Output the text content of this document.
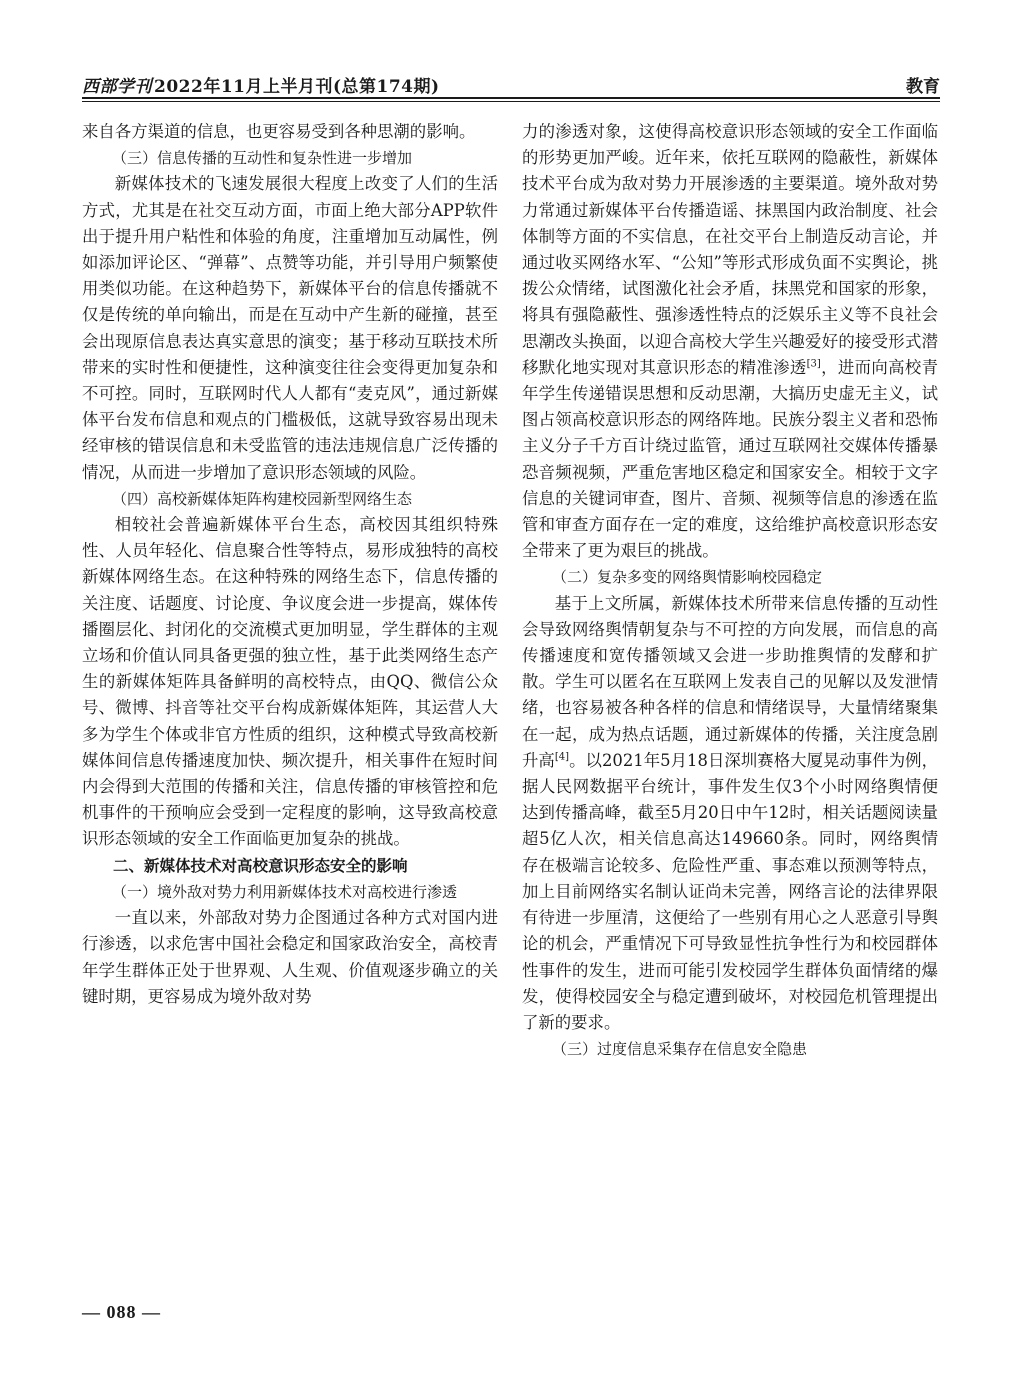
西部学刊 2022年11月上半月刊(总第174期)	教育

来自各方渠道的信息，也更容易受到各种思潮的影响。

（三）信息传播的互动性和复杂性进一步增加

新媒体技术的飞速发展很大程度上改变了人们的生活方式，尤其是在社交互动方面，市面上绝大部分APP软件出于提升用户粘性和体验的角度，注重增加互动属性，例如添加评论区、“弹幕”、点赞等功能，并引导用户频繁使用类似功能。在这种趋势下，新媒体平台的信息传播就不仅是传统的单向输出，而是在互动中产生新的碰撞，甚至会出现原信息表达真实意思的演变；基于移动互联技术所带来的实时性和便捷性，这种演变往往会变得更加复杂和不可控。同时，互联网时代人人都有“麦克风”，通过新媒体平台发布信息和观点的门槛极低，这就导致容易出现未经审核的错误信息和未受监管的违法违规信息广泛传播的情况，从而进一步增加了意识形态领域的风险。

（四）高校新媒体矩阵构建校园新型网络生态

相较社会普遍新媒体平台生态，高校因其组织特殊性、人员年轻化、信息聚合性等特点，易形成独特的高校新媒体网络生态。在这种特殊的网络生态下，信息传播的关注度、话题度、讨论度、争议度会进一步提高，媒体传播圈层化、封闭化的交流模式更加明显，学生群体的主观立场和价值认同具备更强的独立性，基于此类网络生态产生的新媒体矩阵具备鲜明的高校特点，由QQ、微信公众号、微博、抖音等社交平台构成新媒体矩阵，其运营人大多为学生个体或非官方性质的组织，这种模式导致高校新媒体间信息传播速度加快、频次提升，相关事件在短时间内会得到大范围的传播和关注，信息传播的审核管控和危机事件的干预响应会受到一定程度的影响，这导致高校意识形态领域的安全工作面临更加复杂的挑战。

二、新媒体技术对高校意识形态安全的影响

（一）境外敌对势力利用新媒体技术对高校进行渗透

一直以来，外部敌对势力企图通过各种方式对国内进行渗透，以求危害中国社会稳定和国家政治安全，高校青年学生群体正处于世界观、人生观、价值观逐步确立的关键时期，更容易成为境外敌对势

力的渗透对象，这使得高校意识形态领域的安全工作面临的形势更加严峻。近年来，依托互联网的隐蔽性，新媒体技术平台成为敌对势力开展渗透的主要渠道。境外敌对势力常通过新媒体平台传播造谣、抹黑国内政治制度、社会体制等方面的不实信息，在社交平台上制造反动言论，并通过收买网络水军、“公知”等形式形成负面不实舆论，挑拨公众情绪，试图激化社会矛盾，抹黑党和国家的形象，将具有强隐蔽性、强渗透性特点的泛娱乐主义等不良社会思潮改头换面，以迎合高校大学生兴趣爱好的接受形式潜移默化地实现对其意识形态的精准渗透[3]，进而向高校青年学生传递错误思想和反动思潮，大搞历史虚无主义，试图占领高校意识形态的网络阵地。民族分裂主义者和恐怖主义分子千方百计绕过监管，通过互联网社交媒体传播暴恐音频视频，严重危害地区稳定和国家安全。相较于文字信息的关键词审查，图片、音频、视频等信息的渗透在监管和审查方面存在一定的难度，这给维护高校意识形态安全带来了更为艰巨的挑战。

（二）复杂多变的网络舆情影响校园稳定

基于上文所属，新媒体技术所带来信息传播的互动性会导致网络舆情朝复杂与不可控的方向发展，而信息的高传播速度和宽传播领域又会进一步助推舆情的发酵和扩散。学生可以匿名在互联网上发表自己的见解以及发泄情绪，也容易被各种各样的信息和情绪误导，大量情绪聚集在一起，成为热点话题，通过新媒体的传播，关注度急剧升高[4]。以2021年5月18日深圳赛格大厦晃动事件为例，据人民网数据平台统计，事件发生仅3个小时网络舆情便达到传播高峰，截至5月20日中午12时，相关话题阅读量超5亿人次，相关信息高达149660条。同时，网络舆情存在极端言论较多、危险性严重、事态难以预测等特点，加上目前网络实名制认证尚未完善，网络言论的法律界限有待进一步厘清，这便给了一些别有用心之人恶意引导舆论的机会，严重情况下可导致显性抗争性行为和校园群体性事件的发生，进而可能引发校园学生群体负面情绪的爆发，使得校园安全与稳定遭到破坏，对校园危机管理提出了新的要求。

（三）过度信息采集存在信息安全隐患

— 088 —
